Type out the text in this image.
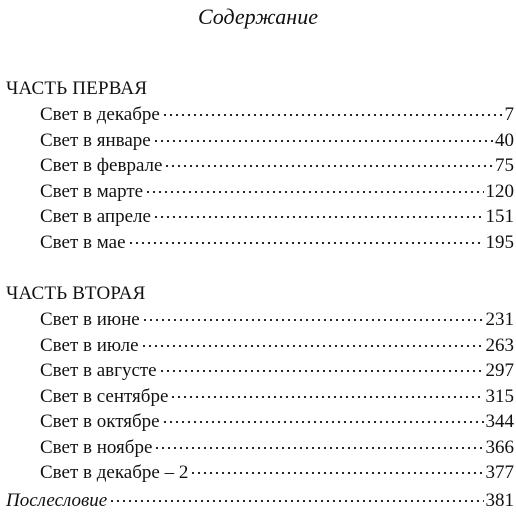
Содержание
ЧАСТЬ ПЕРВАЯ
Свет в декабре	7
Свет в январе	40
Свет в феврале	75
Свет в марте	120
Свет в апреле	151
Свет в мае	195
ЧАСТЬ ВТОРАЯ
Свет в июне	231
Свет в июле	263
Свет в августе	297
Свет в сентябре	315
Свет в октябре	344
Свет в ноябре	366
Свет в декабре – 2	377
Послесловие	381
